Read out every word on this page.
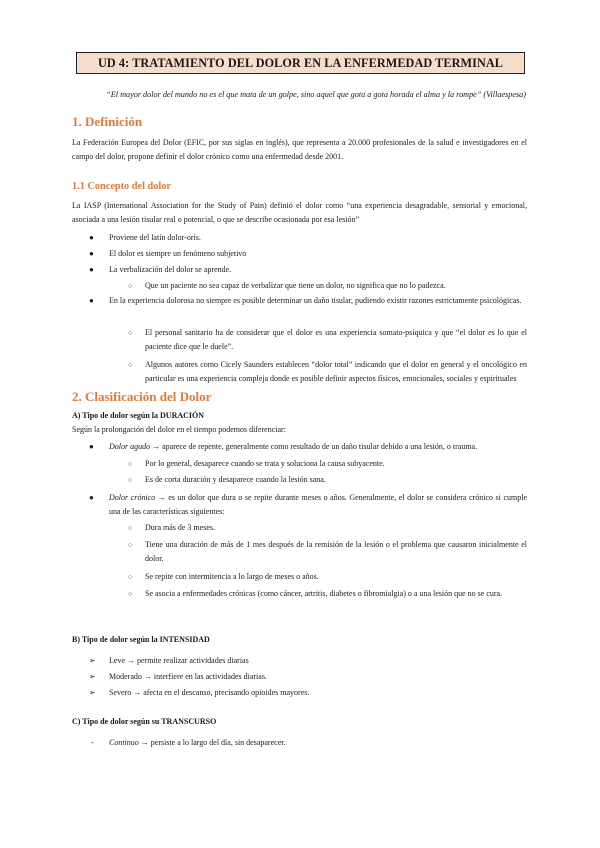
UD 4: TRATAMIENTO DEL DOLOR EN LA ENFERMEDAD TERMINAL
“El mayor dolor del mundo no es el que mata de un golpe, sino aquel que gota a gota horada el alma y la rompe” (Villaespesa)
1. Definición
La Federación Europea del Dolor (EFIC, por sus siglas en inglés), que representa a 20.000 profesionales de la salud e investigadores en el campo del dolor, propone definir el dolor crónico como una enfermedad desde 2001.
1.1 Concepto del dolor
La IASP (International Association for the Study of Pain) definió el dolor como “una experiencia desagradable, sensorial y emocional, asociada a una lesión tisular real o potencial, o que se describe ocasionada por esa lesión”
● Proviene del latín dolor-oris.
● El dolor es siempre un fenómeno subjetivo
● La verbalización del dolor se aprende.
○ Que un paciente no sea capaz de verbalizar que tiene un dolor, no significa que no lo padezca.
● En la experiencia dolorosa no siempre es posible determinar un daño tisular, pudiendo existir razones estrictamente psicológicas.
○ El personal sanitario ha de considerar que el dolor es una experiencia somato-psíquica y que “el dolor es lo que el paciente dice que le duele”.
○ Algunos autores como Cicely Saunders establecen “dolor total” indicando que el dolor en general y el oncológico en particular es una experiencia compleja donde es posible definir aspectos físicos, emocionales, sociales y espirituales
2. Clasificación del Dolor
A) Tipo de dolor según la DURACIÓN
Según la prolongación del dolor en el tiempo podemos diferenciar:
● Dolor agudo → aparece de repente, generalmente como resultado de un daño tisular debido a una lesión, o trauma.
○ Por lo general, desaparece cuando se trata y soluciona la causa subyacente.
○ Es de corta duración y desaparece cuando la lesión sana.
● Dolor crónico → es un dolor que dura o se repite durante meses o años. Generalmente, el dolor se considera crónico si cumple una de las características siguientes:
○ Dura más de 3 meses.
○ Tiene una duración de más de 1 mes después de la remisión de la lesión o el problema que causaron inicialmente el dolor.
○ Se repite con intermitencia a lo largo de meses o años.
○ Se asocia a enfermedades crónicas (como cáncer, artritis, diabetes o fibromialgia) o a una lesión que no se cura.
B) Tipo de dolor según la INTENSIDAD
➢ Leve → permite realizar actividades diarias
➢ Moderado → interfiere en las actividades diarias.
➢ Severo → afecta en el descanso, precisando opioides mayores.
C) Tipo de dolor según su TRANSCURSO
- Continuo → persiste a lo largo del día, sin desaparecer.
